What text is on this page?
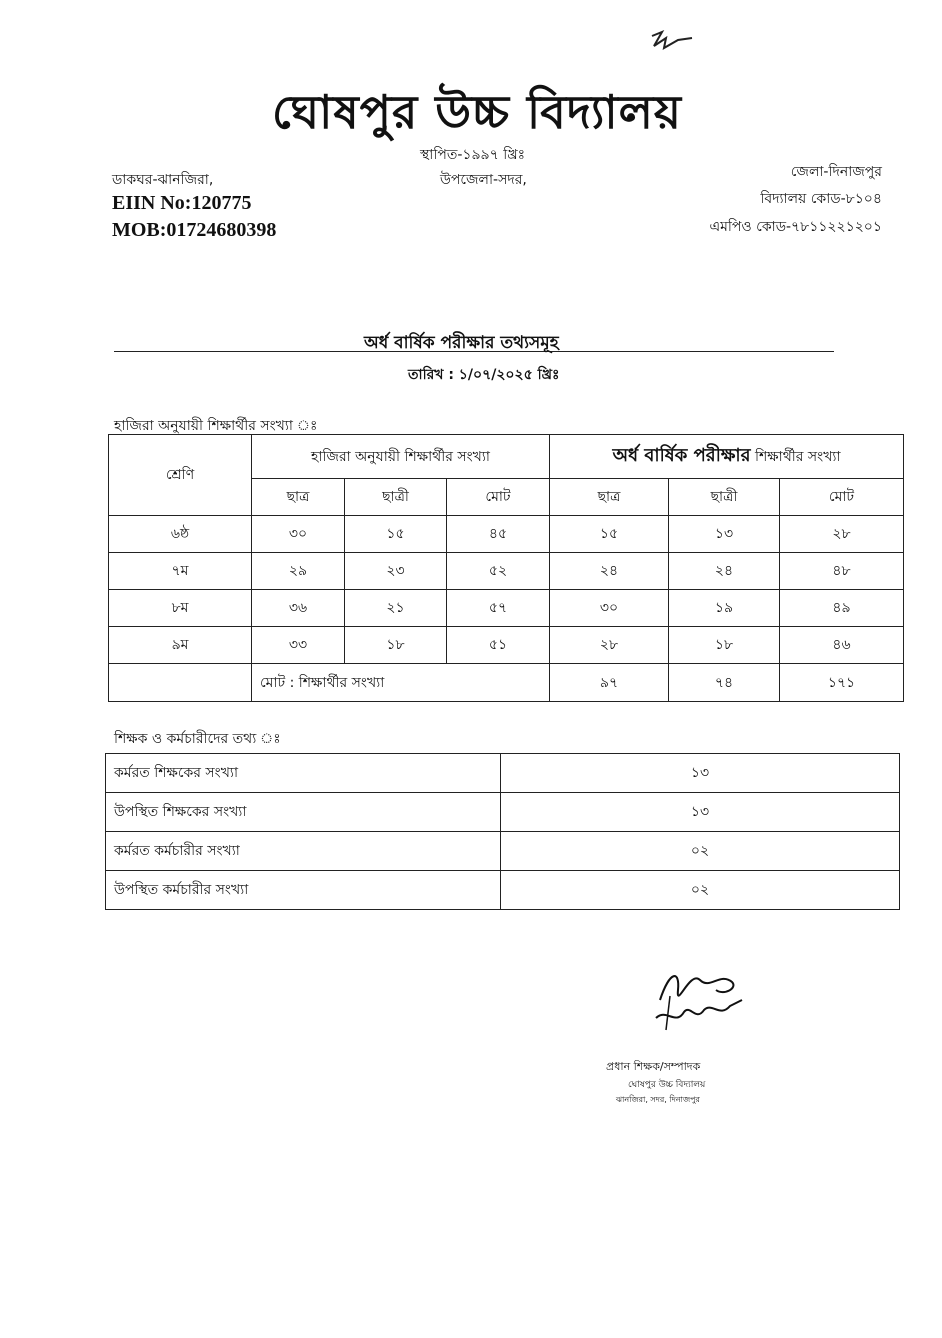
ঘোষপুর উচ্চ বিদ্যালয়
স্থাপিত-১৯৯৭ খ্রিঃ
ডাকঘর-ঝানজিরা,	উপজেলা-সদর,	জেলা-দিনাজপুর
EIIN No:120775
MOB:01724680398
বিদ্যালয় কোড-৮১০৪
এমপিও কোড-৭৮১১২২১২০১
অর্ধ বার্ষিক পরীক্ষার তথ্যসমূহ
তারিখ : ১/০৭/২০২৫ খ্রিঃ
হাজিরা অনুযায়ী শিক্ষার্থীর সংখ্যা ঃ
শ্রেণি	হাজিরা অনুযায়ী শিক্ষার্থীর সংখ্যা			অর্ধ বার্ষিক পরীক্ষার শিক্ষার্থীর সংখ্যা		
	ছাত্র	ছাত্রী	মোট	ছাত্র	ছাত্রী	মোট
৬ষ্ঠ	৩০	১৫	৪৫	১৫	১৩	২৮
৭ম	২৯	২৩	৫২	২৪	২৪	৪৮
৮ম	৩৬	২১	৫৭	৩০	১৯	৪৯
৯ম	৩৩	১৮	৫১	২৮	১৮	৪৬
	মোট : শিক্ষার্থীর সংখ্যা			৯৭	৭৪	১৭১
শিক্ষক ও কর্মচারীদের তথ্য ঃ
কর্মরত শিক্ষকের সংখ্যা	১৩
উপস্থিত শিক্ষকের সংখ্যা	১৩
কর্মরত কর্মচারীর সংখ্যা	০২
উপস্থিত কর্মচারীর সংখ্যা	০২
প্রধান শিক্ষক/সম্পাদক
ঘোষপুর উচ্চ বিদ্যালয়
ঝানজিরা, সদর, দিনাজপুর
